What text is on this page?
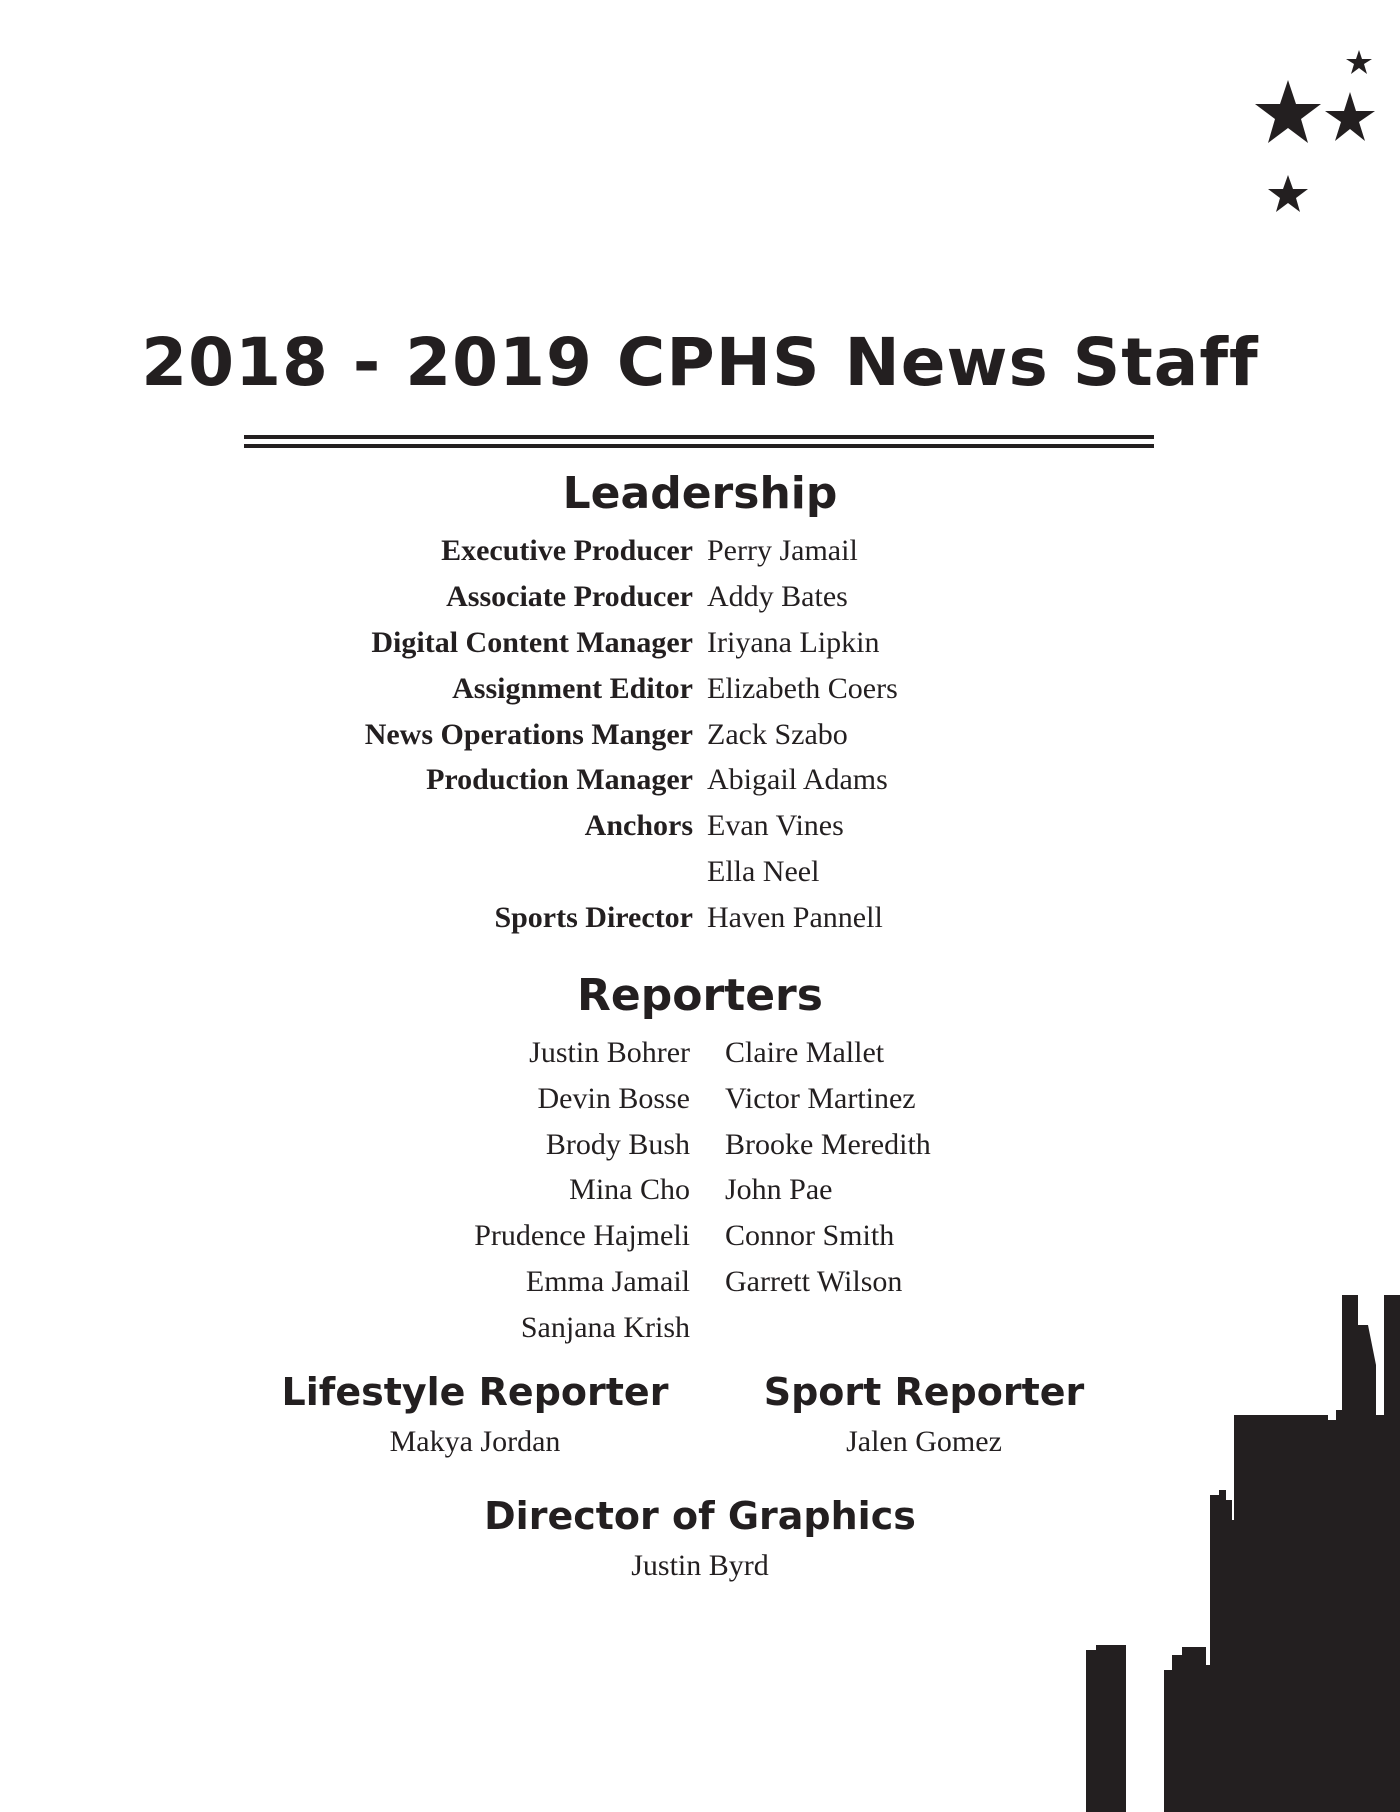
2018 - 2019 CPHS News Staff
Leadership
Executive Producer Perry Jamail
Associate Producer Addy Bates
Digital Content Manager Iriyana Lipkin
Assignment Editor Elizabeth Coers
News Operations Manger Zack Szabo
Production Manager Abigail Adams
Anchors Evan Vines
Ella Neel
Sports Director Haven Pannell
Reporters
Justin Bohrer
Devin Bosse
Brody Bush
Mina Cho
Prudence Hajmeli
Emma Jamail
Sanjana Krish
Claire Mallet
Victor Martinez
Brooke Meredith
John Pae
Connor Smith
Garrett Wilson
Lifestyle Reporter
Makya Jordan
Sport Reporter
Jalen Gomez
Director of Graphics
Justin Byrd
